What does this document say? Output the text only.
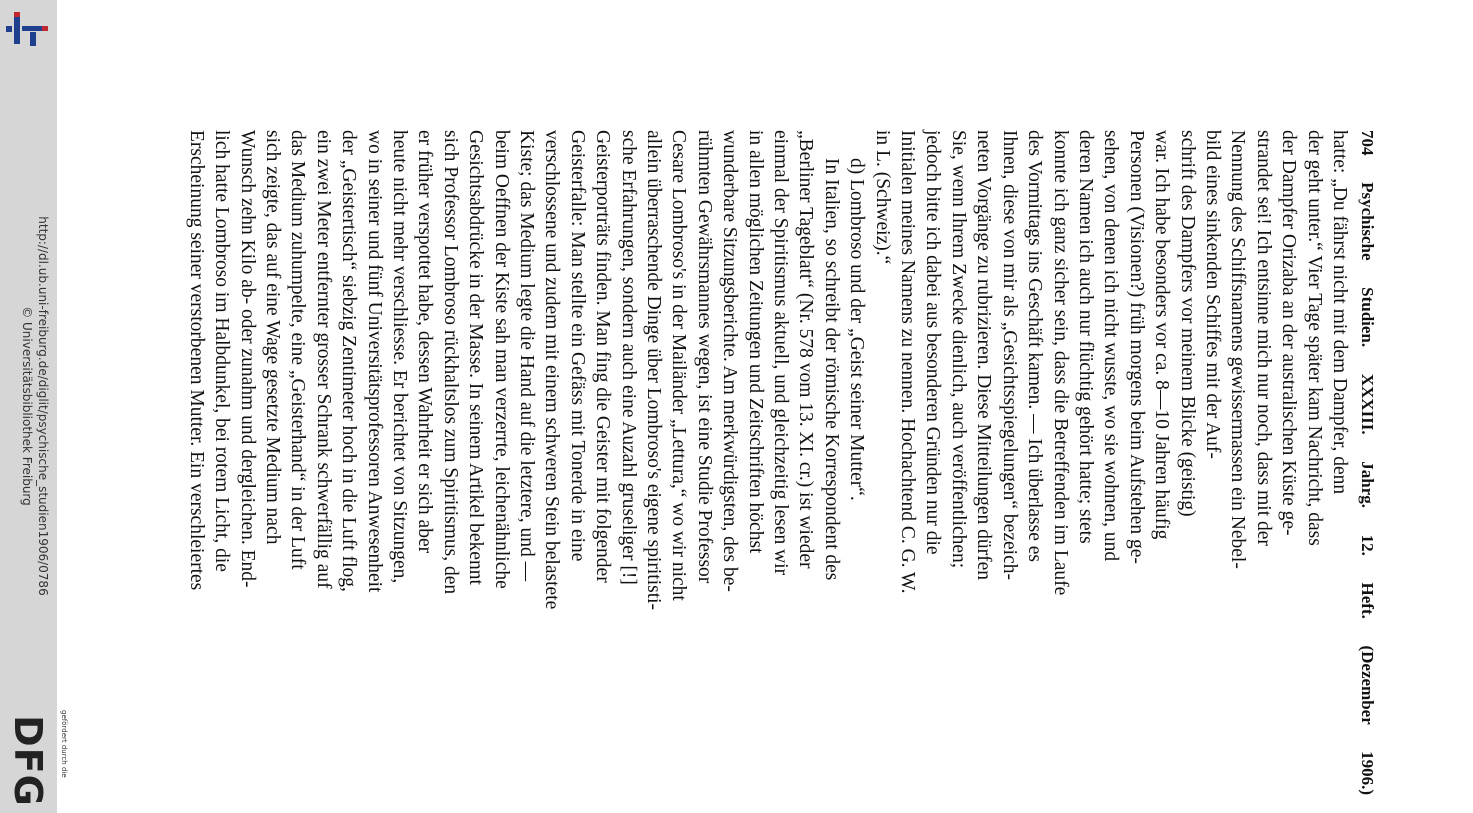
http://dl.ub.uni-freiburg.de/diglit/psychische_studien1906/0786
© Universitätsbibliothek Freiburg
DFG gefördert durch die	704 Psychische Studien. XXXIII. Jahrg. 12. Heft. (Dezember 1906.)

hatte: „Du fährst nicht mit dem Dampfer, denn

der geht unter.“ Vier Tage später kam Nachricht, dass

der Dampfer Orizaba an der australischen Küste ge-

strandet sei! Ich entsinne mich nur noch, dass mit der

Nennung des Schiffsnamens gewissermassen ein Nebel-

bild eines sinkenden Schiffes mit der Auf-

schrift des Dampfers vor meinem Blicke (geistig)

war. Ich habe besonders vor ca. 8—10 Jahren häufig

Personen (Visionen?) früh morgens beim Aufstehen ge-

sehen, von denen ich nicht wusste, wo sie wohnen, und

deren Namen ich auch nur flüchtig gehört hatte; stets

konnte ich ganz sicher sein, dass die Betreffenden im Laufe

des Vormittags ins Geschäft kamen. — Ich überlasse es

Ihnen, diese von mir als „Gesichtsspiegelungen“ bezeich-

neten Vorgänge zu rubrizieren. Diese Mitteilungen dürfen

Sie, wenn Ihrem Zwecke dienlich, auch veröffentlichen;

jedoch bitte ich dabei aus besonderen Gründen nur die

Initialen meines Namens zu nennen. Hochachtend C. G. W.

in L. (Schweiz).“

d) Lombroso und der „Geist seiner Mutter“.

In Italien, so schreibt der römische Korrespondent des

„Berliner Tageblatt“ (Nr. 578 vom 13. XI. cr.) ist wieder

einmal der Spiritismus aktuell, und gleichzeitig lesen wir

in allen möglichen Zeitungen und Zeitschriften höchst

wunderbare Sitzungsberichte. Am merkwürdigsten, des be-

rühmten Gewährsmannes wegen, ist eine Studie Professor

Cesare Lombroso's in der Mailänder „Lettura,“ wo wir nicht

allein überraschende Dinge über Lombroso's eigene spiritisti-

sche Erfahrungen, sondern auch eine Auzahl gruseliger [!]

Geisterporträts finden. Man fing die Geister mit folgender

Geisterfalle: Man stellte ein Gefäss mit Tonerde in eine

verschlossene und zudem mit einem schweren Stein belastete

Kiste; das Medium legte die Hand auf die letztere, und —

beim Oeffnen der Kiste sah man verzerrte, leichenähnliche

Gesichtsabdrücke in der Masse. In seinem Artikel bekennt

sich Professor Lombroso rückhaltslos zum Spiritismus, den

er früher verspottet habe, dessen Wahrheit er sich aber

heute nicht mehr verschliesse. Er berichtet von Sitzungen,

wo in seiner und fünf Universitätsprofessoren Anwesenheit

der „Geistertisch“ siebzig Zentimeter hoch in die Luft flog,

ein zwei Meter entfernter grosser Schrank schwerfällig auf

das Medium zuhumpelte, eine „Geisterhand“ in der Luft

sich zeigte, das auf eine Wage gesetzte Medium nach

Wunsch zehn Kilo ab- oder zunahm und dergleichen. End-

lich hatte Lombroso im Halbdunkel, bei rotem Licht, die

Erscheinung seiner verstorbenen Mutter. Ein verschleiertes
